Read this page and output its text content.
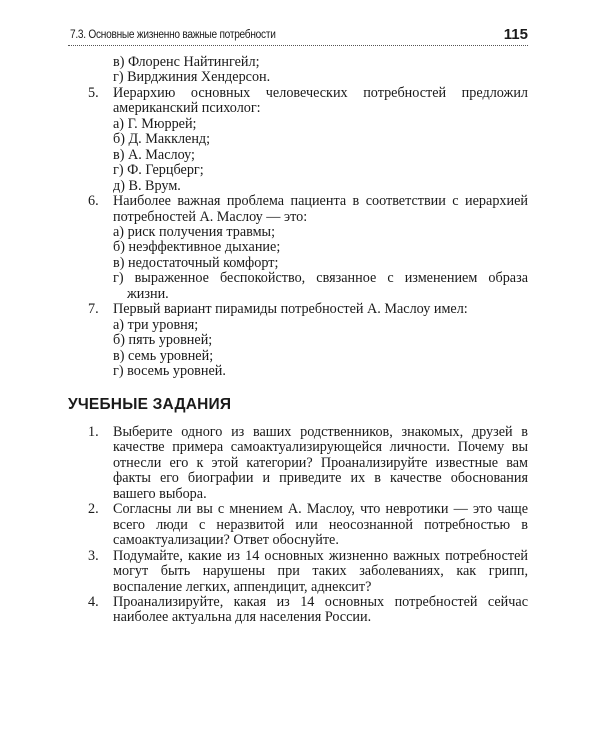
7.3. Основные жизненно важные потребности	115
в) Флоренс Найтингейл;
г) Вирджиния Хендерсон.
5. Иерархию основных человеческих потребностей предложил американский психолог:
а) Г. Мюррей;
б) Д. Маккленд;
в) А. Маслоу;
г) Ф. Герцберг;
д) В. Врум.
6. Наиболее важная проблема пациента в соответствии с иерархией потребностей А. Маслоу — это:
а) риск получения травмы;
б) неэффективное дыхание;
в) недостаточный комфорт;
г) выраженное беспокойство, связанное с изменением образа жизни.
7. Первый вариант пирамиды потребностей А. Маслоу имел:
а) три уровня;
б) пять уровней;
в) семь уровней;
г) восемь уровней.
УЧЕБНЫЕ ЗАДАНИЯ
1. Выберите одного из ваших родственников, знакомых, друзей в качестве примера самоактуализирующейся личности. Почему вы отнесли его к этой категории? Проанализируйте известные вам факты его биографии и приведите их в качестве обоснования вашего выбора.
2. Согласны ли вы с мнением А. Маслоу, что невротики — это чаще всего люди с неразвитой или неосознанной потребностью в самоактуализации? Ответ обоснуйте.
3. Подумайте, какие из 14 основных жизненно важных потребностей могут быть нарушены при таких заболеваниях, как грипп, воспаление легких, аппендицит, аднексит?
4. Проанализируйте, какая из 14 основных потребностей сейчас наиболее актуальна для населения России.
